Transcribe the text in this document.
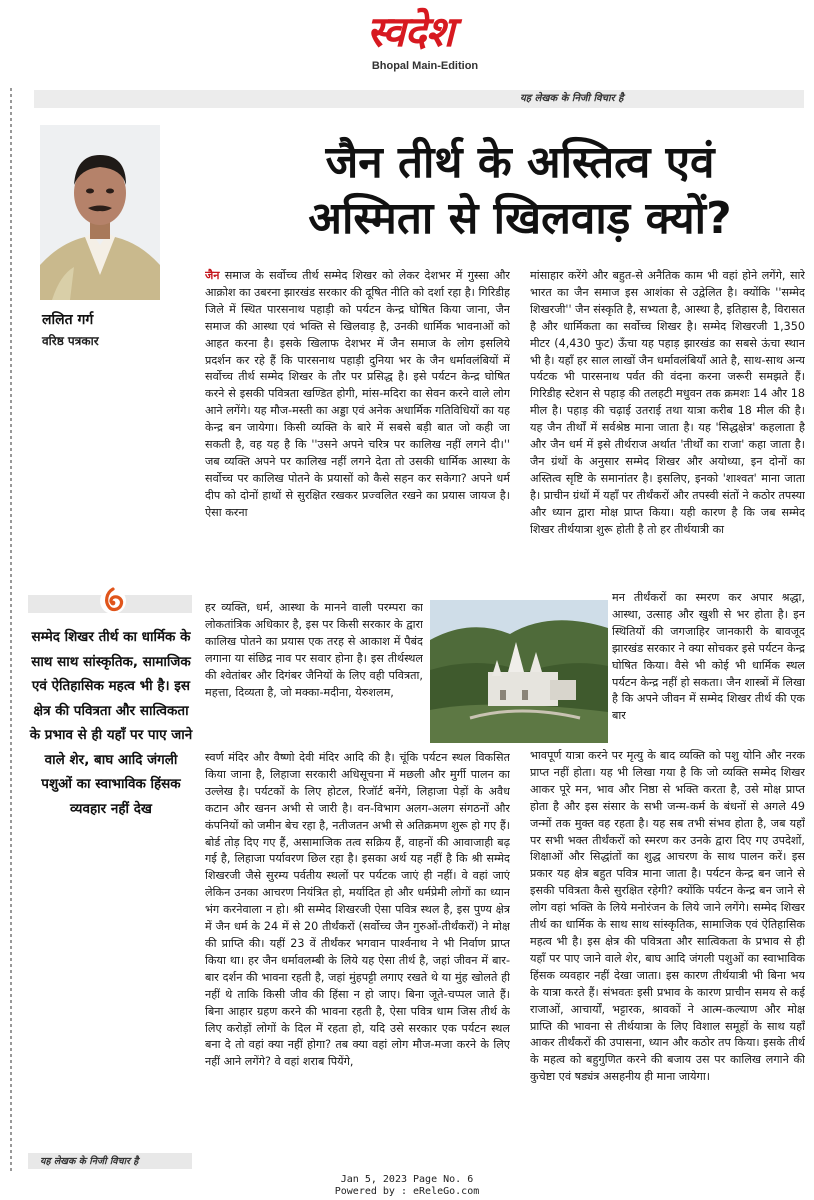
स्वदेश
Bhopal Main-Edition
यह लेखक के निजी विचार है
ललित गर्ग
वरिष्ठ पत्रकार
जैन तीर्थ के अस्तित्व एवं
अस्मिता से खिलवाड़ क्यों?

जैन समाज के सर्वोच्च तीर्थ सम्मेद शिखर को लेकर देशभर में गुस्सा और आक्रोश का उबरना झारखंड सरकार की दूषित नीति को दर्शा रहा है। गिरिडीह जिले में स्थित पारसनाथ पहाड़ी को पर्यटन केन्द्र घोषित किया जाना, जैन समाज की आस्था एवं भक्ति से खिलवाड़ है, उनकी धार्मिक भावनाओं को आहत करना है। इसके खिलाफ देशभर में जैन समाज के लोग इसलिये प्रदर्शन कर रहे हैं कि पारसनाथ पहाड़ी दुनिया भर के जैन धर्मावलंबियों में सर्वोच्च तीर्थ सम्मेद शिखर के तौर पर प्रसिद्ध है। इसे पर्यटन केन्द्र घोषित करने से इसकी पवित्रता खण्डित होगी, मांस-मदिरा का सेवन करने वाले लोग आने लगेंगे। यह मौज-मस्ती का अड्डा एवं अनेक अधार्मिक गतिविधियों का यह केन्द्र बन जायेगा। किसी व्यक्ति के बारे में सबसे बड़ी बात जो कही जा सकती है, वह यह है कि ''उसने अपने चरित्र पर कालिख नहीं लगने दी।'' जब व्यक्ति अपने पर कालिख नहीं लगने देता तो उसकी धार्मिक आस्था के सर्वोच्च पर कालिख पोतने के प्रयासों को कैसे सहन कर सकेगा? अपने धर्म दीप को दोनों हाथों से सुरक्षित रखकर प्रज्वलित रखने का प्रयास जायज है। ऐसा करना

मांसाहार करेंगे और बहुत-से अनैतिक काम भी वहां होने लगेंगे, सारे भारत का जैन समाज इस आशंका से उद्वेलित है। क्योंकि ''सम्मेद शिखरजी'' जैन संस्कृति है, सभ्यता है, आस्था है, इतिहास है, विरासत है और धार्मिकता का सर्वोच्च शिखर है। सम्मेद शिखरजी 1,350 मीटर (4,430 फुट) ऊँचा यह पहाड़ झारखंड का सबसे ऊंचा स्थान भी है। यहाँ हर साल लाखों जैन धर्मावलंबियाँ आते है, साथ-साथ अन्य पर्यटक भी पारसनाथ पर्वत की वंदना करना जरूरी समझते हैं। गिरिडीह स्टेशन से पहाड़ की तलहटी मधुवन तक क्रमशः 14 और 18 मील है। पहाड़ की चढ़ाई उतराई तथा यात्रा करीब 18 मील की है। यह जैन तीर्थों में सर्वश्रेष्ठ माना जाता है। यह 'सिद्धक्षेत्र' कहलाता है और जैन धर्म में इसे तीर्थराज अर्थात 'तीर्थों का राजा' कहा जाता है। जैन ग्रंथों के अनुसार सम्मेद शिखर और अयोध्या, इन दोनों का अस्तित्व सृष्टि के समानांतर है। इसलिए, इनको 'शाश्वत' माना जाता है। प्राचीन ग्रंथों में यहाँ पर तीर्थंकरों और तपस्वी संतों ने कठोर तपस्या और ध्यान द्वारा मोक्ष प्राप्त किया। यही कारण है कि जब सम्मेद शिखर तीर्थयात्रा शुरू होती है तो हर तीर्थयात्री का

सम्मेद शिखर तीर्थ का धार्मिक के साथ साथ सांस्कृतिक, सामाजिक एवं ऐतिहासिक महत्व भी है। इस क्षेत्र की पवित्रता और सात्विकता के प्रभाव से ही यहाँ पर पाए जाने वाले शेर, बाघ आदि जंगली पशुओं का स्वाभाविक हिंसक व्यवहार नहीं देख

हर व्यक्ति, धर्म, आस्था के मानने वाली परम्परा का लोकतांत्रिक अधिकार है, इस पर किसी सरकार के द्वारा कालिख पोतने का प्रयास एक तरह से आकाश में पैबंद लगाना या संछिद्र नाव पर सवार होना है। इस तीर्थस्थल की श्वेतांबर और दिगंबर जैनियों के लिए वही पवित्रता, महत्ता, दिव्यता है, जो मक्का-मदीना, येरुशलम,

मन तीर्थंकरों का स्मरण कर अपार श्रद्धा, आस्था, उत्साह और खुशी से भर होता है। इन स्थितियों की जगजाहिर जानकारी के बावजूद झारखंड सरकार ने क्या सोचकर इसे पर्यटन केन्द्र घोषित किया। वैसे भी कोई भी धार्मिक स्थल पर्यटन केन्द्र नहीं हो सकता। जैन शास्त्रों में लिखा है कि अपने जीवन में सम्मेद शिखर तीर्थ की एक बार

स्वर्ण मंदिर और वैष्णो देवी मंदिर आदि की है। चूंकि पर्यटन स्थल विकसित किया जाना है, लिहाजा सरकारी अधिसूचना में मछली और मुर्गी पालन का उल्लेख है। पर्यटकों के लिए होटल, रिजॉर्ट बनेंगे, लिहाजा पेड़ों के अवैध कटान और खनन अभी से जारी है। वन-विभाग अलग-अलग संगठनों और कंपनियों को जमीन बेच रहा है, नतीजतन अभी से अतिक्रमण शुरू हो गए हैं। बोर्ड तोड़ दिए गए हैं, असामाजिक तत्व सक्रिय हैं, वाहनों की आवाजाही बढ़ गई है, लिहाजा पर्यावरण छिल रहा है। इसका अर्थ यह नहीं है कि श्री सम्मेद शिखरजी जैसे सुरम्य पर्वतीय स्थलों पर पर्यटक जाएं ही नहीं। वे वहां जाएं लेकिन उनका आचरण नियंत्रित हो, मर्यादित हो और धर्मप्रेमी लोगों का ध्यान भंग करनेवाला न हो। श्री सम्मेद शिखरजी ऐसा पवित्र स्थल है, इस पुण्य क्षेत्र में जैन धर्म के 24 में से 20 तीर्थंकरों (सर्वोच्च जैन गुरुओं-तीर्थंकरों) ने मोक्ष की प्राप्ति की। यहीं 23 वें तीर्थंकर भगवान पार्श्वनाथ ने भी निर्वाण प्राप्त किया था। हर जैन धर्मावलम्बी के लिये यह ऐसा तीर्थ है, जहां जीवन में बार-बार दर्शन की भावना रहती है, जहां मुंहपट्टी लगाए रखते थे या मुंह खोलते ही नहीं थे ताकि किसी जीव की हिंसा न हो जाए। बिना जूते-चप्पल जाते हैं। बिना आहार ग्रहण करने की भावना रहती है, ऐसा पवित्र धाम जिस तीर्थ के लिए करोड़ों लोगों के दिल में रहता हो, यदि उसे सरकार एक पर्यटन स्थल बना दे तो वहां क्या नहीं होगा? तब क्या वहां लोग मौज-मजा करने के लिए नहीं आने लगेंगे? वे वहां शराब पियेंगे,

भावपूर्ण यात्रा करने पर मृत्यु के बाद व्यक्ति को पशु योनि और नरक प्राप्त नहीं होता। यह भी लिखा गया है कि जो व्यक्ति सम्मेद शिखर आकर पूरे मन, भाव और निष्ठा से भक्ति करता है, उसे मोक्ष प्राप्त होता है और इस संसार के सभी जन्म-कर्म के बंधनों से अगले 49 जन्मों तक मुक्त वह रहता है। यह सब तभी संभव होता है, जब यहाँ पर सभी भक्त तीर्थंकरों को स्मरण कर उनके द्वारा दिए गए उपदेशों, शिक्षाओं और सिद्धांतों का शुद्ध आचरण के साथ पालन करें। इस प्रकार यह क्षेत्र बहुत पवित्र माना जाता है। पर्यटन केन्द्र बन जाने से इसकी पवित्रता कैसे सुरक्षित रहेगी? क्योंकि पर्यटन केन्द्र बन जाने से लोग वहां भक्ति के लिये मनोरंजन के लिये जाने लगेंगे। सम्मेद शिखर तीर्थ का धार्मिक के साथ साथ सांस्कृतिक, सामाजिक एवं ऐतिहासिक महत्व भी है। इस क्षेत्र की पवित्रता और सात्विकता के प्रभाव से ही यहाँ पर पाए जाने वाले शेर, बाघ आदि जंगली पशुओं का स्वाभाविक हिंसक व्यवहार नहीं देखा जाता। इस कारण तीर्थयात्री भी बिना भय के यात्रा करते हैं। संभवतः इसी प्रभाव के कारण प्राचीन समय से कई राजाओं, आचार्यों, भट्टारक, श्रावकों ने आत्म-कल्याण और मोक्ष प्राप्ति की भावना से तीर्थयात्रा के लिए विशाल समूहों के साथ यहाँ आकर तीर्थंकरों की उपासना, ध्यान और कठोर तप किया। इसके तीर्थ के महत्व को बहुगुणित करने की बजाय उस पर कालिख लगाने की कुचेष्टा एवं षड्यंत्र असहनीय ही माना जायेगा।

यह लेखक के निजी विचार है
Jan 5, 2023 Page No. 6
Powered by : eReleGo.com
